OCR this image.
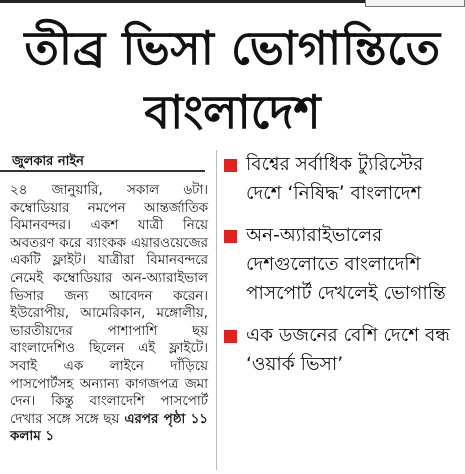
তীব্র ভিসা ভোগান্তিতে
বাংলাদেশ
জুলকার নাইন
২৪ জানুয়ারি, সকাল ৬টা। কম্বোডিয়ার নমপেন আন্তর্জাতিক বিমানবন্দর। একশ যাত্রী নিয়ে অবতরণ করে ব্যাংকক এয়ারওয়েজের একটি ফ্লাইট। যাত্রীরা বিমানবন্দরে নেমেই কম্বোডিয়ার অন-অ্যারাইভাল ভিসার জন্য আবেদন করেন। ইউরোপীয়, আমেরিকান, মঙ্গোলীয়, ভারতীয়দের পাশাপাশি ছয় বাংলাদেশিও ছিলেন এই ফ্লাইটে। সবাই এক লাইনে দাঁড়িয়ে পাসপোর্টসহ অন্যান্য কাগজপত্র জমা দেন। কিন্তু বাংলাদেশি পাসপোর্ট দেখার সঙ্গে সঙ্গে ছয় এরপর পৃষ্ঠা ১১ কলাম ১
বিশ্বের সর্বাধিক ট্যুরিস্টের দেশে ‘নিষিদ্ধ’ বাংলাদেশ
অন-অ্যারাইভালের দেশগুলোতে বাংলাদেশি পাসপোর্ট দেখলেই ভোগান্তি
এক ডজনের বেশি দেশে বন্ধ ‘ওয়ার্ক ভিসা’
